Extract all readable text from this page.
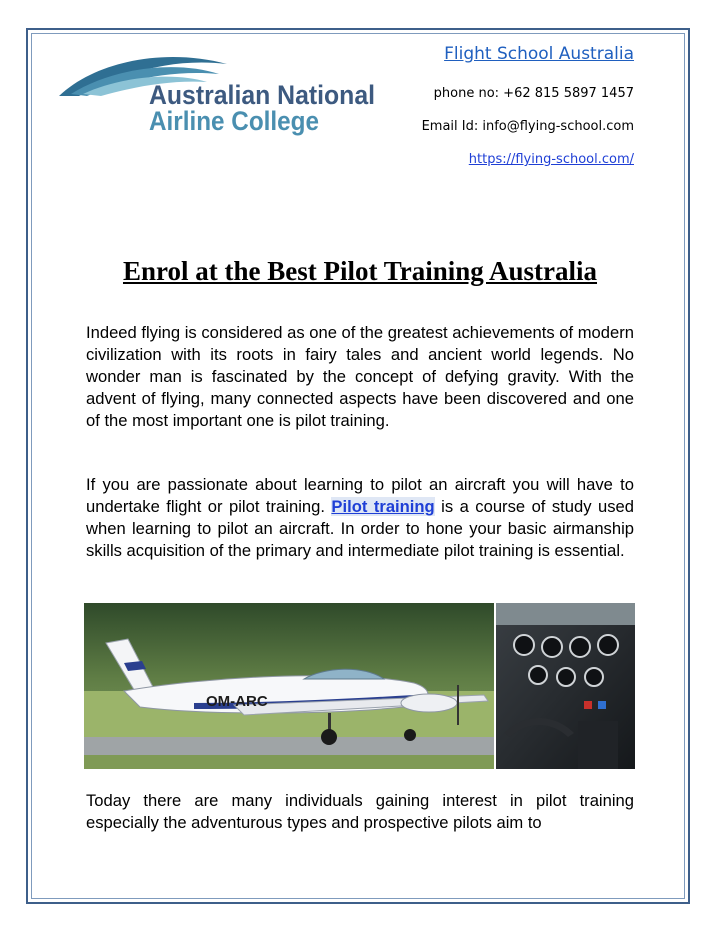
Australian National
Airline College
Flight School Australia
phone no: +62 815 5897 1457
Email Id: info@flying-school.com
https://flying-school.com/
Enrol at the Best Pilot Training Australia

Indeed flying is considered as one of the greatest achievements of modern civilization with its roots in fairy tales and ancient world legends. No wonder man is fascinated by the concept of defying gravity. With the advent of flying, many connected aspects have been discovered and one of the most important one is pilot training.

If you are passionate about learning to pilot an aircraft you will have to undertake flight or pilot training. Pilot training is a course of study used when learning to pilot an aircraft. In order to hone your basic airmanship skills acquisition of the primary and intermediate pilot training is essential.

OM-ARC

Today there are many individuals gaining interest in pilot training especially the adventurous types and prospective pilots aim to
